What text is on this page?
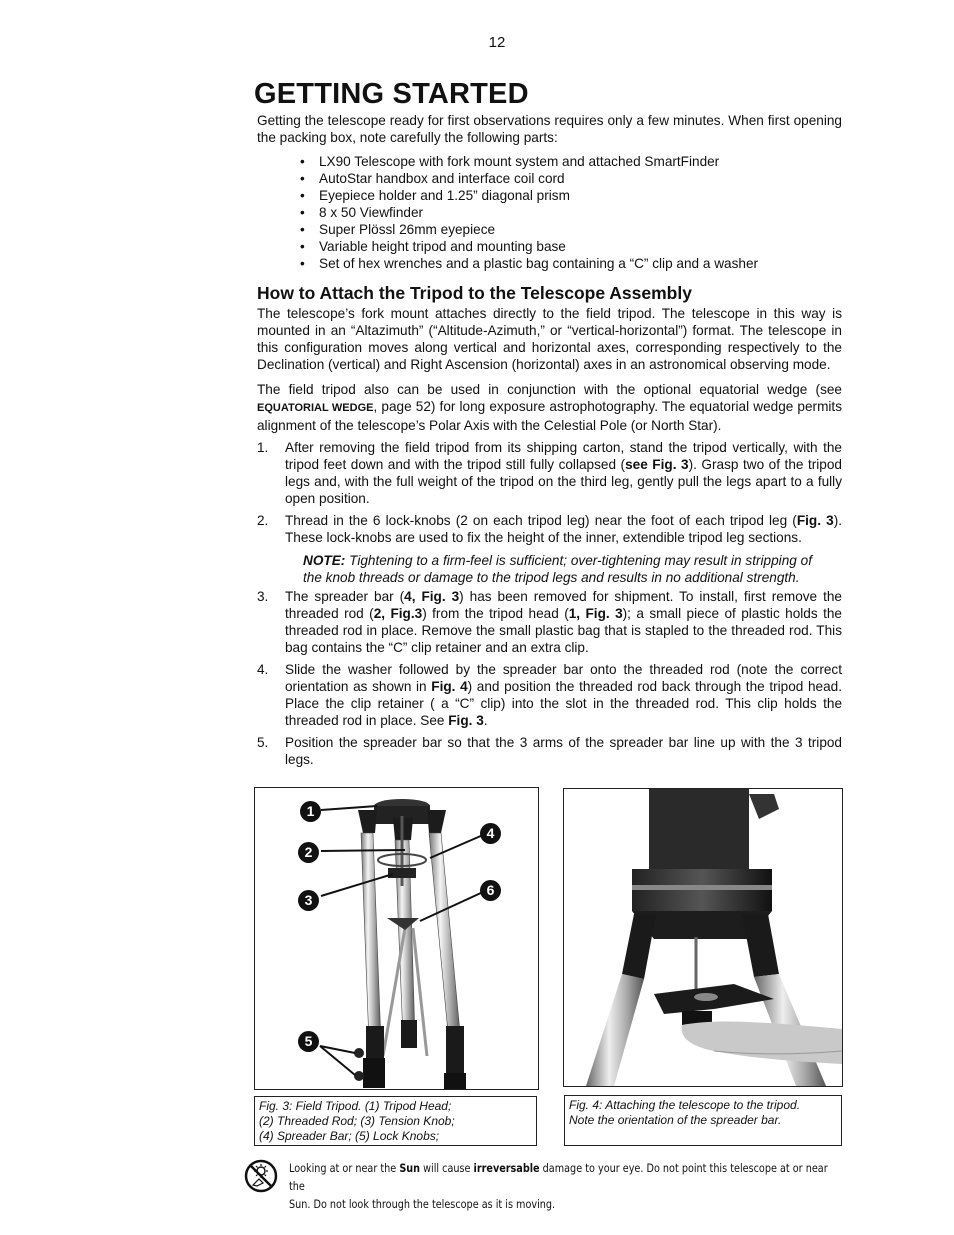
12
GETTING STARTED

Getting the telescope ready for first observations requires only a few minutes. When first opening the packing box, note carefully the following parts:

• LX90 Telescope with fork mount system and attached SmartFinder
• AutoStar handbox and interface coil cord
• Eyepiece holder and 1.25” diagonal prism
• 8 x 50 Viewfinder
• Super Plössl 26mm eyepiece
• Variable height tripod and mounting base
• Set of hex wrenches and a plastic bag containing a “C” clip and a washer
How to Attach the Tripod to the Telescope Assembly

The telescope’s fork mount attaches directly to the field tripod. The telescope in this way is mounted in an “Altazimuth” (“Altitude-Azimuth,” or “vertical-horizontal”) format. The telescope in this configuration moves along vertical and horizontal axes, corresponding respectively to the Declination (vertical) and Right Ascension (horizontal) axes in an astronomical observing mode.

The field tripod also can be used in conjunction with the optional equatorial wedge (see EQUATORIAL WEDGE, page 52) for long exposure astrophotography. The equatorial wedge permits alignment of the telescope’s Polar Axis with the Celestial Pole (or North Star).

1. After removing the field tripod from its shipping carton, stand the tripod vertically, with the tripod feet down and with the tripod still fully collapsed (see Fig. 3). Grasp two of the tripod legs and, with the full weight of the tripod on the third leg, gently pull the legs apart to a fully open position.
2. Thread in the 6 lock-knobs (2 on each tripod leg) near the foot of each tripod leg (Fig. 3). These lock-knobs are used to fix the height of the inner, extendible tripod leg sections.
NOTE: Tightening to a firm-feel is sufficient; over-tightening may result in stripping of the knob threads or damage to the tripod legs and results in no additional strength.
3. The spreader bar (4, Fig. 3) has been removed for shipment. To install, first remove the threaded rod (2, Fig.3) from the tripod head (1, Fig. 3); a small piece of plastic holds the threaded rod in place. Remove the small plastic bag that is stapled to the threaded rod. This bag contains the “C” clip retainer and an extra clip.
4. Slide the washer followed by the spreader bar onto the threaded rod (note the correct orientation as shown in Fig. 4) and position the threaded rod back through the tripod head. Place the clip retainer ( a “C” clip) into the slot in the threaded rod. This clip holds the threaded rod in place. See Fig. 3.
5. Position the spreader bar so that the 3 arms of the spreader bar line up with the 3 tripod legs.
1
2
3
4
5
6
Fig. 3: Field Tripod. (1) Tripod Head;
(2) Threaded Rod; (3) Tension Knob;
(4) Spreader Bar; (5) Lock Knobs;
Fig. 4: Attaching the telescope to the tripod.
Note the orientation of the spreader bar.
Looking at or near the Sun will cause irreversable damage to your eye. Do not point this telescope at or near the
Sun. Do not look through the telescope as it is moving.
